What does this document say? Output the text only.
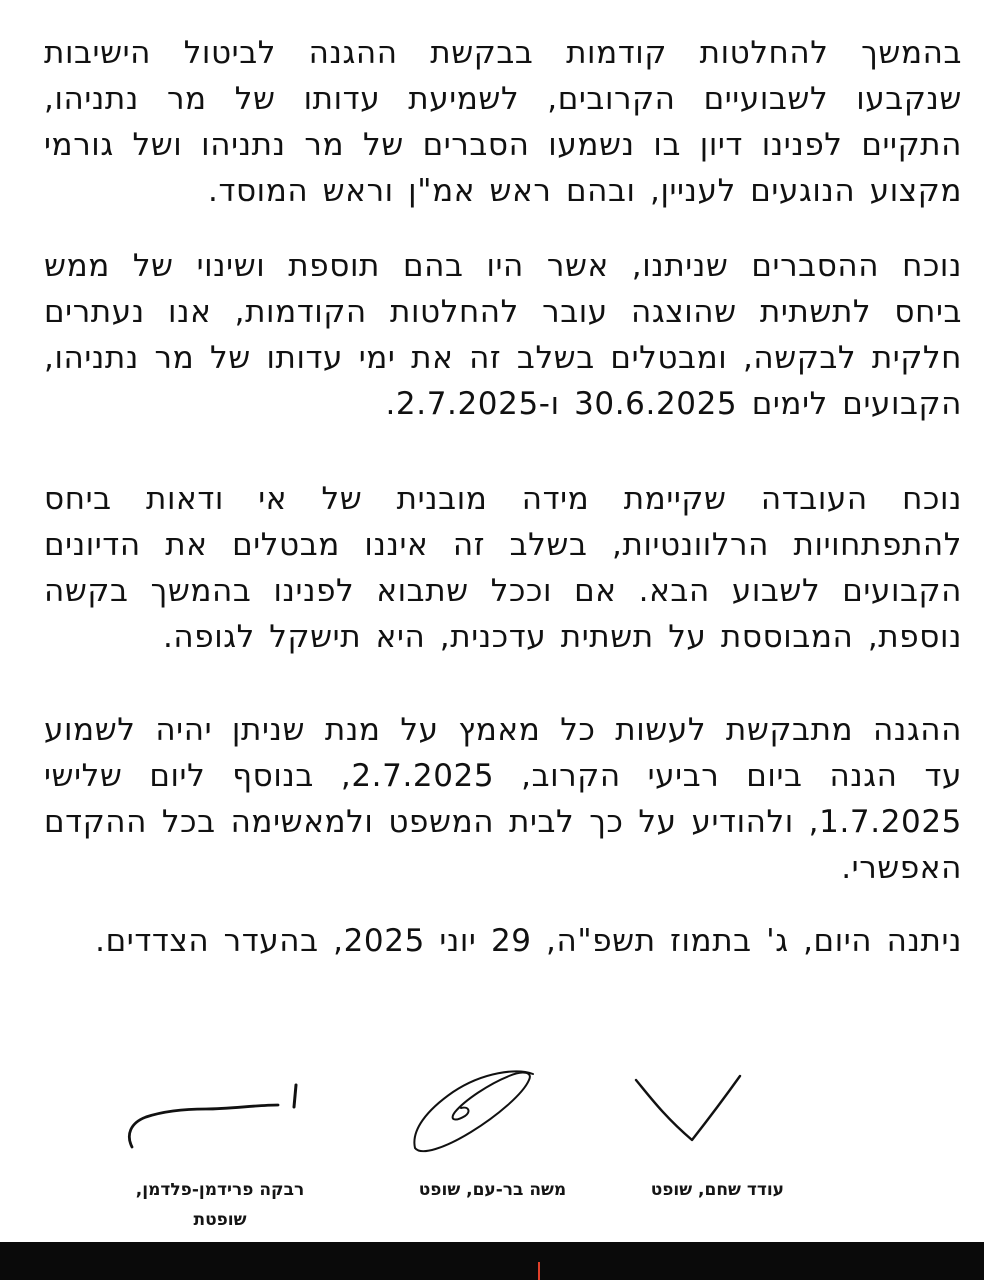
בהמשך להחלטות קודמות בבקשת ההגנה לביטול הישיבות שנקבעו לשבועיים הקרובים, לשמיעת עדותו של מר נתניהו, התקיים לפנינו דיון בו נשמעו הסברים של מר נתניהו ושל גורמי מקצוע הנוגעים לעניין, ובהם ראש אמ"ן וראש המוסד.

נוכח ההסברים שניתנו, אשר היו בהם תוספת ושינוי של ממש ביחס לתשתית שהוצגה עובר להחלטות הקודמות, אנו נעתרים חלקית לבקשה, ומבטלים בשלב זה את ימי עדותו של מר נתניהו, הקבועים לימים 30.6.2025 ו-2.7.2025.

נוכח העובדה שקיימת מידה מובנית של אי ודאות ביחס להתפתחויות הרלוונטיות, בשלב זה איננו מבטלים את הדיונים הקבועים לשבוע הבא. אם וככל שתבוא לפנינו בהמשך בקשה נוספת, המבוססת על תשתית עדכנית, היא תישקל לגופה.

ההגנה מתבקשת לעשות כל מאמץ על מנת שניתן יהיה לשמוע עד הגנה ביום רביעי הקרוב, 2.7.2025, בנוסף ליום שלישי 1.7.2025, ולהודיע על כך לבית המשפט ולמאשימה בכל ההקדם האפשרי.

ניתנה היום, ג' בתמוז תשפ"ה, 29 יוני 2025, בהעדר הצדדים.

עודד שחם, שופט
משה בר-עם, שופט
רבקה פרידמן-פלדמן,
שופטת
